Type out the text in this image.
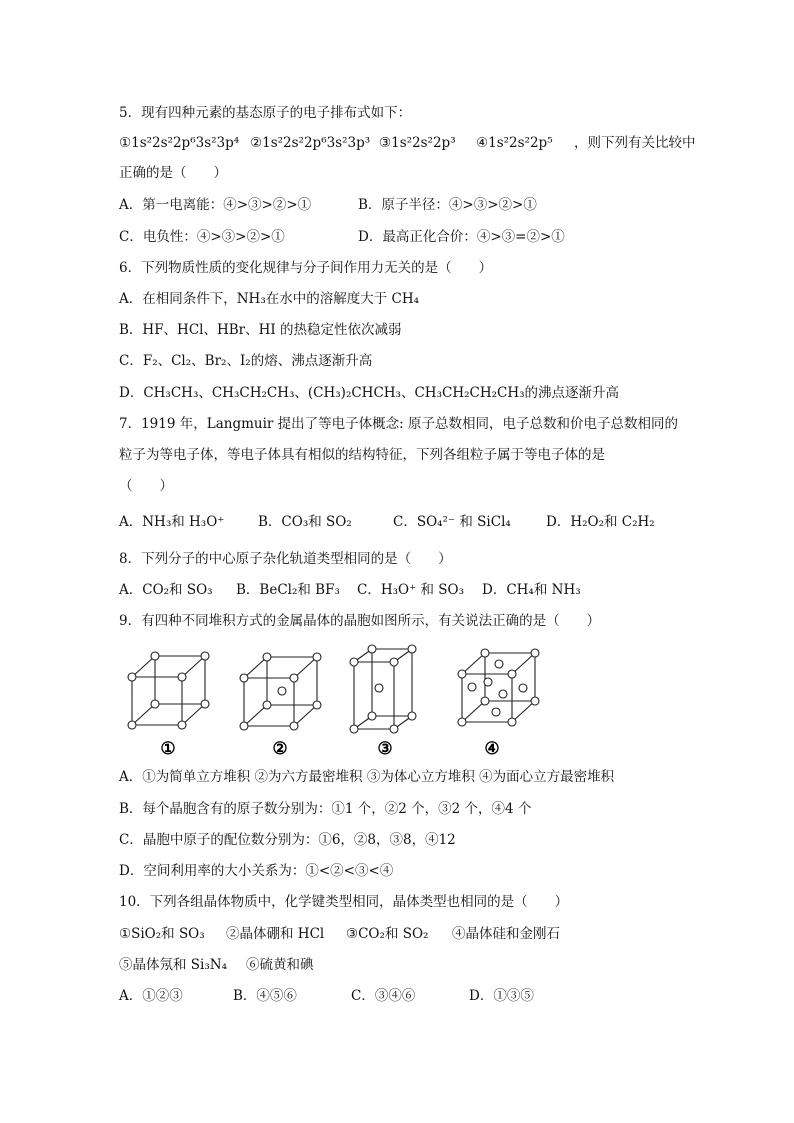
5．现有四种元素的基态原子的电子排布式如下：
①1s²2s²2p⁶3s²3p⁴ ②1s²2s²2p⁶3s²3p³ ③1s²2s²2p³ ④1s²2s²2p⁵ ，则下列有关比较中
正确的是（　　）
A．第一电离能：④>③>②>①	B．原子半径：④>③>②>①
C．电负性：④>③>②>①	D．最高正化合价：④>③=②>①
6．下列物质性质的变化规律与分子间作用力无关的是（　　）
A．在相同条件下，NH₃在水中的溶解度大于 CH₄
B．HF、HCl、HBr、HI 的热稳定性依次减弱
C．F₂、Cl₂、Br₂、I₂的熔、沸点逐渐升高
D．CH₃CH₃、CH₃CH₂CH₃、(CH₃)₂CHCH₃、CH₃CH₂CH₂CH₃的沸点逐渐升高
7．1919 年，Langmuir 提出了等电子体概念: 原子总数相同，电子总数和价电子总数相同的
粒子为等电子体，等电子体具有相似的结构特征，下列各组粒子属于等电子体的是
（　　）
A．NH₃和 H₃O⁺ B．CO₃和 SO₂	C．SO₄²⁻ 和 SiCl₄	D．H₂O₂和 C₂H₂
8．下列分子的中心原子杂化轨道类型相同的是（　　）
A．CO₂和 SO₃ B．BeCl₂和 BF₃ C．H₃O⁺ 和 SO₃ D．CH₄和 NH₃
9．有四种不同堆积方式的金属晶体的晶胞如图所示，有关说法正确的是（　　）
①	②	③	④
A．①为简单立方堆积 ②为六方最密堆积 ③为体心立方堆积 ④为面心立方最密堆积
B．每个晶胞含有的原子数分别为：①1 个，②2 个，③2 个，④4 个
C．晶胞中原子的配位数分别为：①6，②8，③8，④12
D．空间利用率的大小关系为：①<②<③<④
10．下列各组晶体物质中，化学键类型相同，晶体类型也相同的是（　　）
①SiO₂和 SO₃ ②晶体硼和 HCl ③CO₂和 SO₂ ④晶体硅和金刚石
⑤晶体氖和 Si₃N₄ ⑥硫黄和碘
A．①②③	B．④⑤⑥	C．③④⑥	D．①③⑤
